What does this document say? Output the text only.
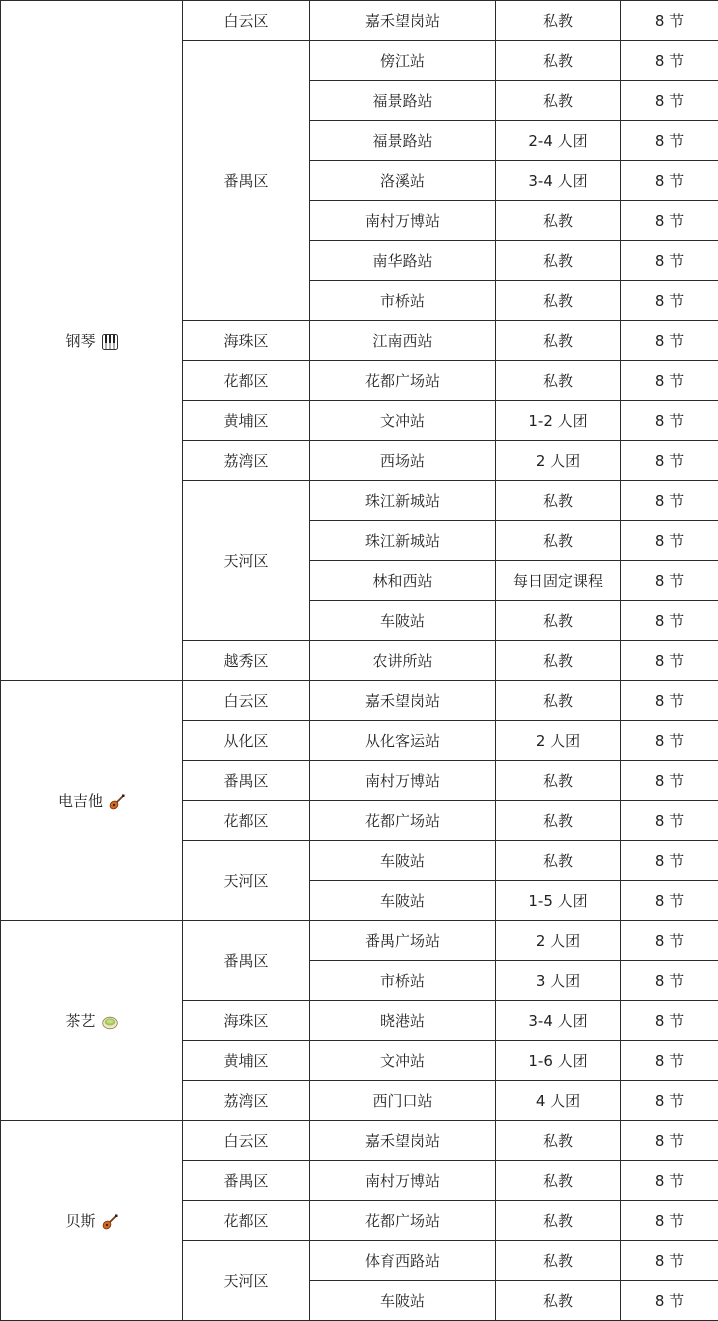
钢琴	白云区	嘉禾望岗站	私教	8 节
	番禺区	傍江站	私教	8 节
		福景路站	私教	8 节
		福景路站	2-4 人团	8 节
		洛溪站	3-4 人团	8 节
		南村万博站	私教	8 节
		南华路站	私教	8 节
		市桥站	私教	8 节
	海珠区	江南西站	私教	8 节
	花都区	花都广场站	私教	8 节
	黄埔区	文冲站	1-2 人团	8 节
	荔湾区	西场站	2 人团	8 节
	天河区	珠江新城站	私教	8 节
		珠江新城站	私教	8 节
		林和西站	每日固定课程	8 节
		车陂站	私教	8 节
	越秀区	农讲所站	私教	8 节
电吉他	白云区	嘉禾望岗站	私教	8 节
	从化区	从化客运站	2 人团	8 节
	番禺区	南村万博站	私教	8 节
	花都区	花都广场站	私教	8 节
	天河区	车陂站	私教	8 节
		车陂站	1-5 人团	8 节
茶艺	番禺区	番禺广场站	2 人团	8 节
		市桥站	3 人团	8 节
	海珠区	晓港站	3-4 人团	8 节
	黄埔区	文冲站	1-6 人团	8 节
	荔湾区	西门口站	4 人团	8 节
贝斯	白云区	嘉禾望岗站	私教	8 节
	番禺区	南村万博站	私教	8 节
	花都区	花都广场站	私教	8 节
	天河区	体育西路站	私教	8 节
		车陂站	私教	8 节
